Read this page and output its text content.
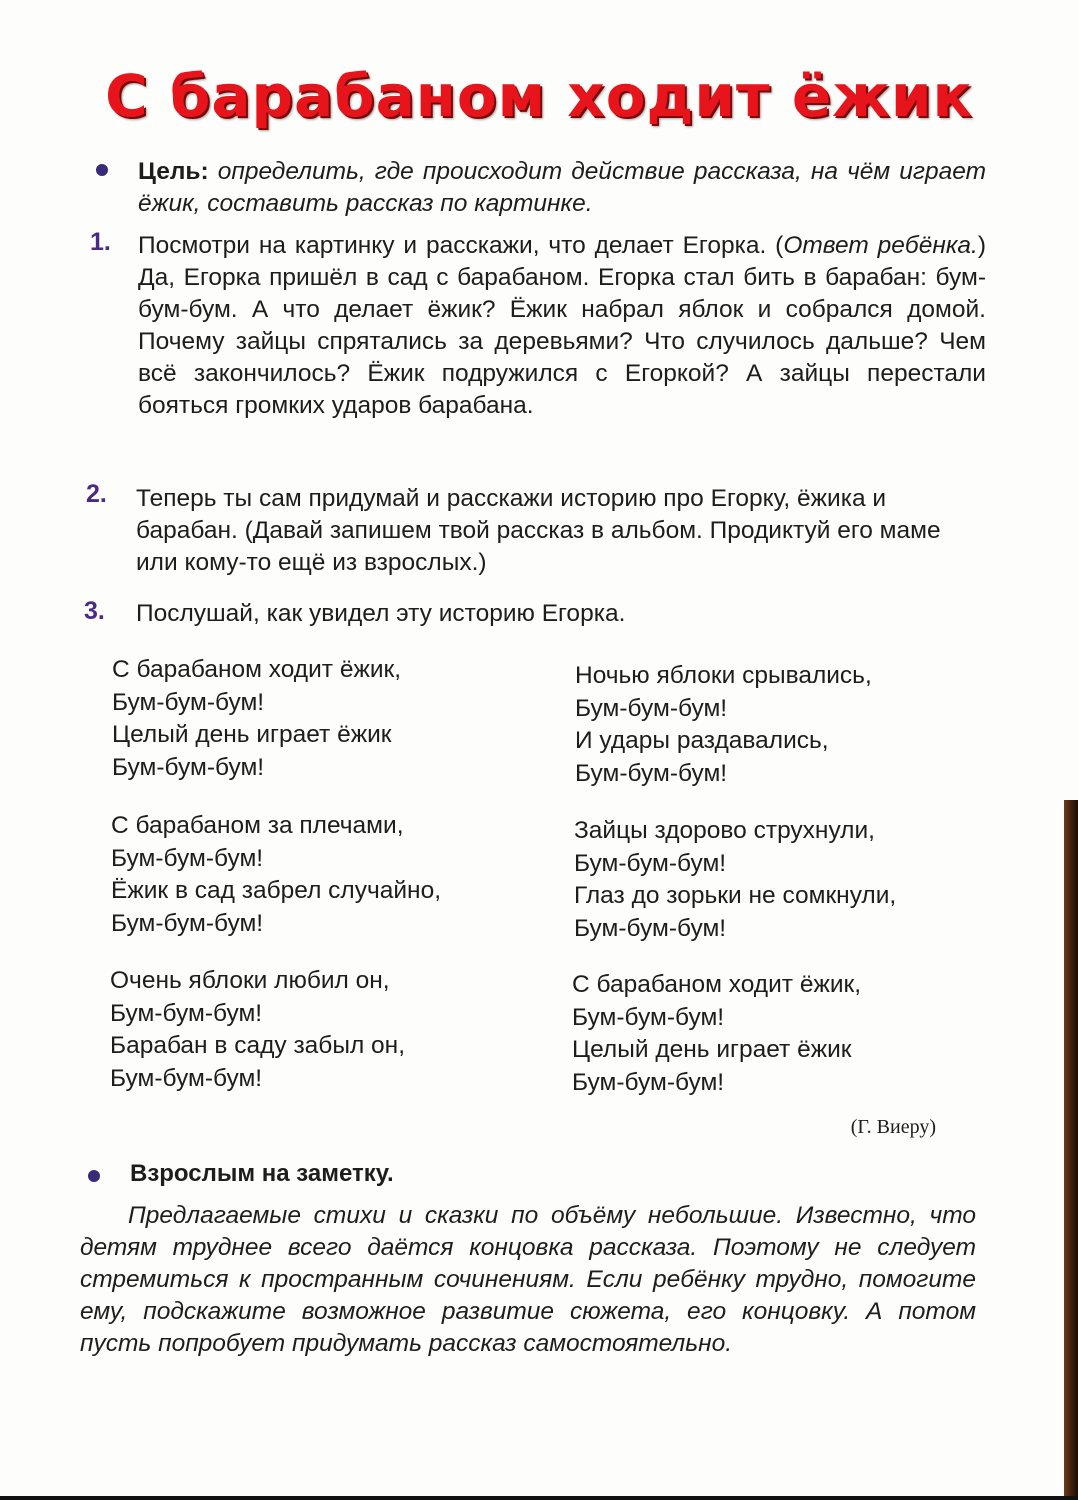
С барабаном ходит ёжик
Цель: определить, где происходит действие рассказа, на чём играет ёжик, составить рассказ по картинке.
1. Посмотри на картинку и расскажи, что делает Егорка. (Ответ ребёнка.) Да, Егорка пришёл в сад с барабаном. Егорка стал бить в барабан: бум-бум-бум. А что делает ёжик? Ёжик набрал яблок и собрался домой. Почему зайцы спрятались за деревьями? Что случилось дальше? Чем всё закончилось? Ёжик подружился с Егоркой? А зайцы перестали бояться громких ударов барабана.
2. Теперь ты сам придумай и расскажи историю про Егорку, ёжика и барабан. (Давай запишем твой рассказ в альбом. Продиктуй его маме или кому-то ещё из взрослых.)
3. Послушай, как увидел эту историю Егорка.
С барабаном ходит ёжик,
Бум-бум-бум!
Целый день играет ёжик
Бум-бум-бум!
С барабаном за плечами,
Бум-бум-бум!
Ёжик в сад забрел случайно,
Бум-бум-бум!
Очень яблоки любил он,
Бум-бум-бум!
Барабан в саду забыл он,
Бум-бум-бум!
Ночью яблоки срывались,
Бум-бум-бум!
И удары раздавались,
Бум-бум-бум!
Зайцы здорово струхнули,
Бум-бум-бум!
Глаз до зорьки не сомкнули,
Бум-бум-бум!
С барабаном ходит ёжик,
Бум-бум-бум!
Целый день играет ёжик
Бум-бум-бум!
(Г. Виеру)
Взрослым на заметку.
Предлагаемые стихи и сказки по объёму небольшие. Известно, что детям труднее всего даётся концовка рассказа. Поэтому не следует стремиться к пространным сочинениям. Если ребёнку трудно, помогите ему, подскажите возможное развитие сюжета, его концовку. А потом пусть попробует придумать рассказ самостоятельно.
